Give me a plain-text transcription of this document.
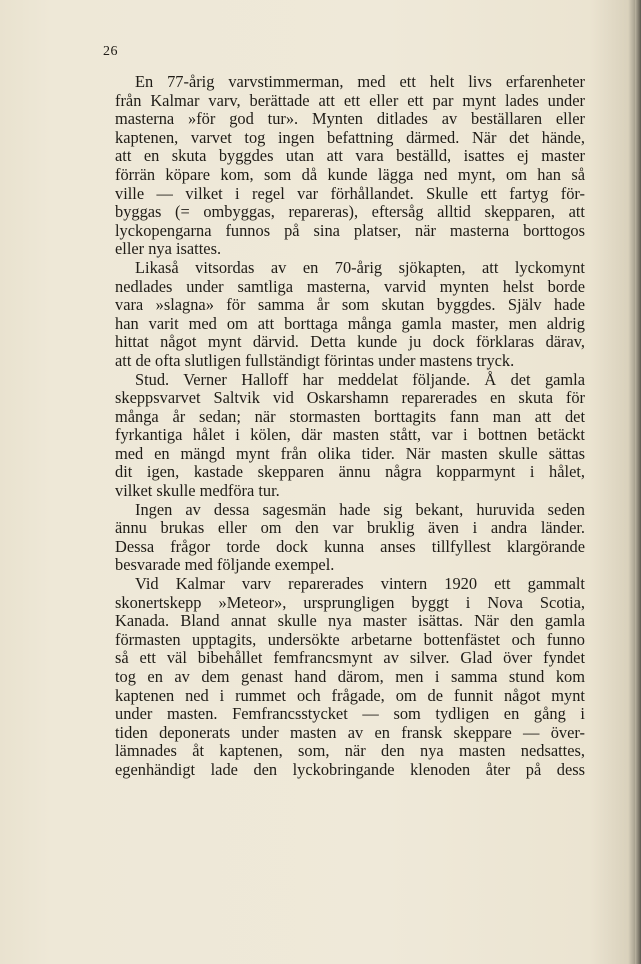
26
En 77-årig varvstimmerman, med ett helt livs erfarenheter
från Kalmar varv, berättade att ett eller ett par mynt lades under
masterna »för god tur». Mynten ditlades av beställaren eller
kaptenen, varvet tog ingen befattning därmed. När det hände,
att en skuta byggdes utan att vara beställd, isattes ej master
förrän köpare kom, som då kunde lägga ned mynt, om han så
ville — vilket i regel var förhållandet. Skulle ett fartyg för-
byggas (= ombyggas, repareras), eftersåg alltid skepparen, att
lyckopengarna funnos på sina platser, när masterna borttogos
eller nya isattes.
Likaså vitsordas av en 70-årig sjökapten, att lyckomynt
nedlades under samtliga masterna, varvid mynten helst borde
vara »slagna» för samma år som skutan byggdes. Själv hade
han varit med om att borttaga många gamla master, men aldrig
hittat något mynt därvid. Detta kunde ju dock förklaras därav,
att de ofta slutligen fullständigt förintas under mastens tryck.
Stud. Verner Halloff har meddelat följande. Å det gamla
skeppsvarvet Saltvik vid Oskarshamn reparerades en skuta för
många år sedan; när stormasten borttagits fann man att det
fyrkantiga hålet i kölen, där masten stått, var i bottnen betäckt
med en mängd mynt från olika tider. När masten skulle sättas
dit igen, kastade skepparen ännu några kopparmynt i hålet,
vilket skulle medföra tur.
Ingen av dessa sagesmän hade sig bekant, huruvida seden
ännu brukas eller om den var bruklig även i andra länder.
Dessa frågor torde dock kunna anses tillfyllest klargörande
besvarade med följande exempel.
Vid Kalmar varv reparerades vintern 1920 ett gammalt
skonertskepp »Meteor», ursprungligen byggt i Nova Scotia,
Kanada. Bland annat skulle nya master isättas. När den gamla
förmasten upptagits, undersökte arbetarne bottenfästet och funno
så ett väl bibehållet femfrancsmynt av silver. Glad över fyndet
tog en av dem genast hand därom, men i samma stund kom
kaptenen ned i rummet och frågade, om de funnit något mynt
under masten. Femfrancsstycket — som tydligen en gång i
tiden deponerats under masten av en fransk skeppare — över-
lämnades åt kaptenen, som, när den nya masten nedsattes,
egenhändigt lade den lyckobringande klenoden åter på dess
